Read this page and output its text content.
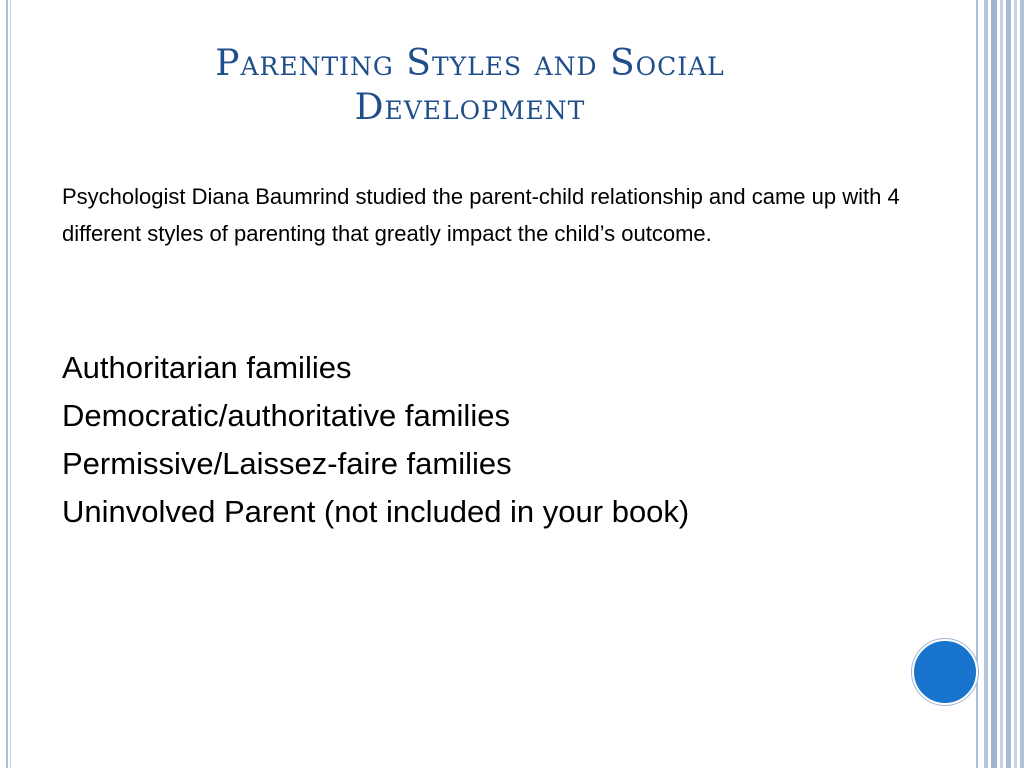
Parenting Styles and Social Development
Psychologist Diana Baumrind studied the parent-child relationship and came up with 4 different styles of parenting that greatly impact the child’s outcome.
Authoritarian families
Democratic/authoritative families
Permissive/Laissez-faire families
Uninvolved Parent (not included in your book)
